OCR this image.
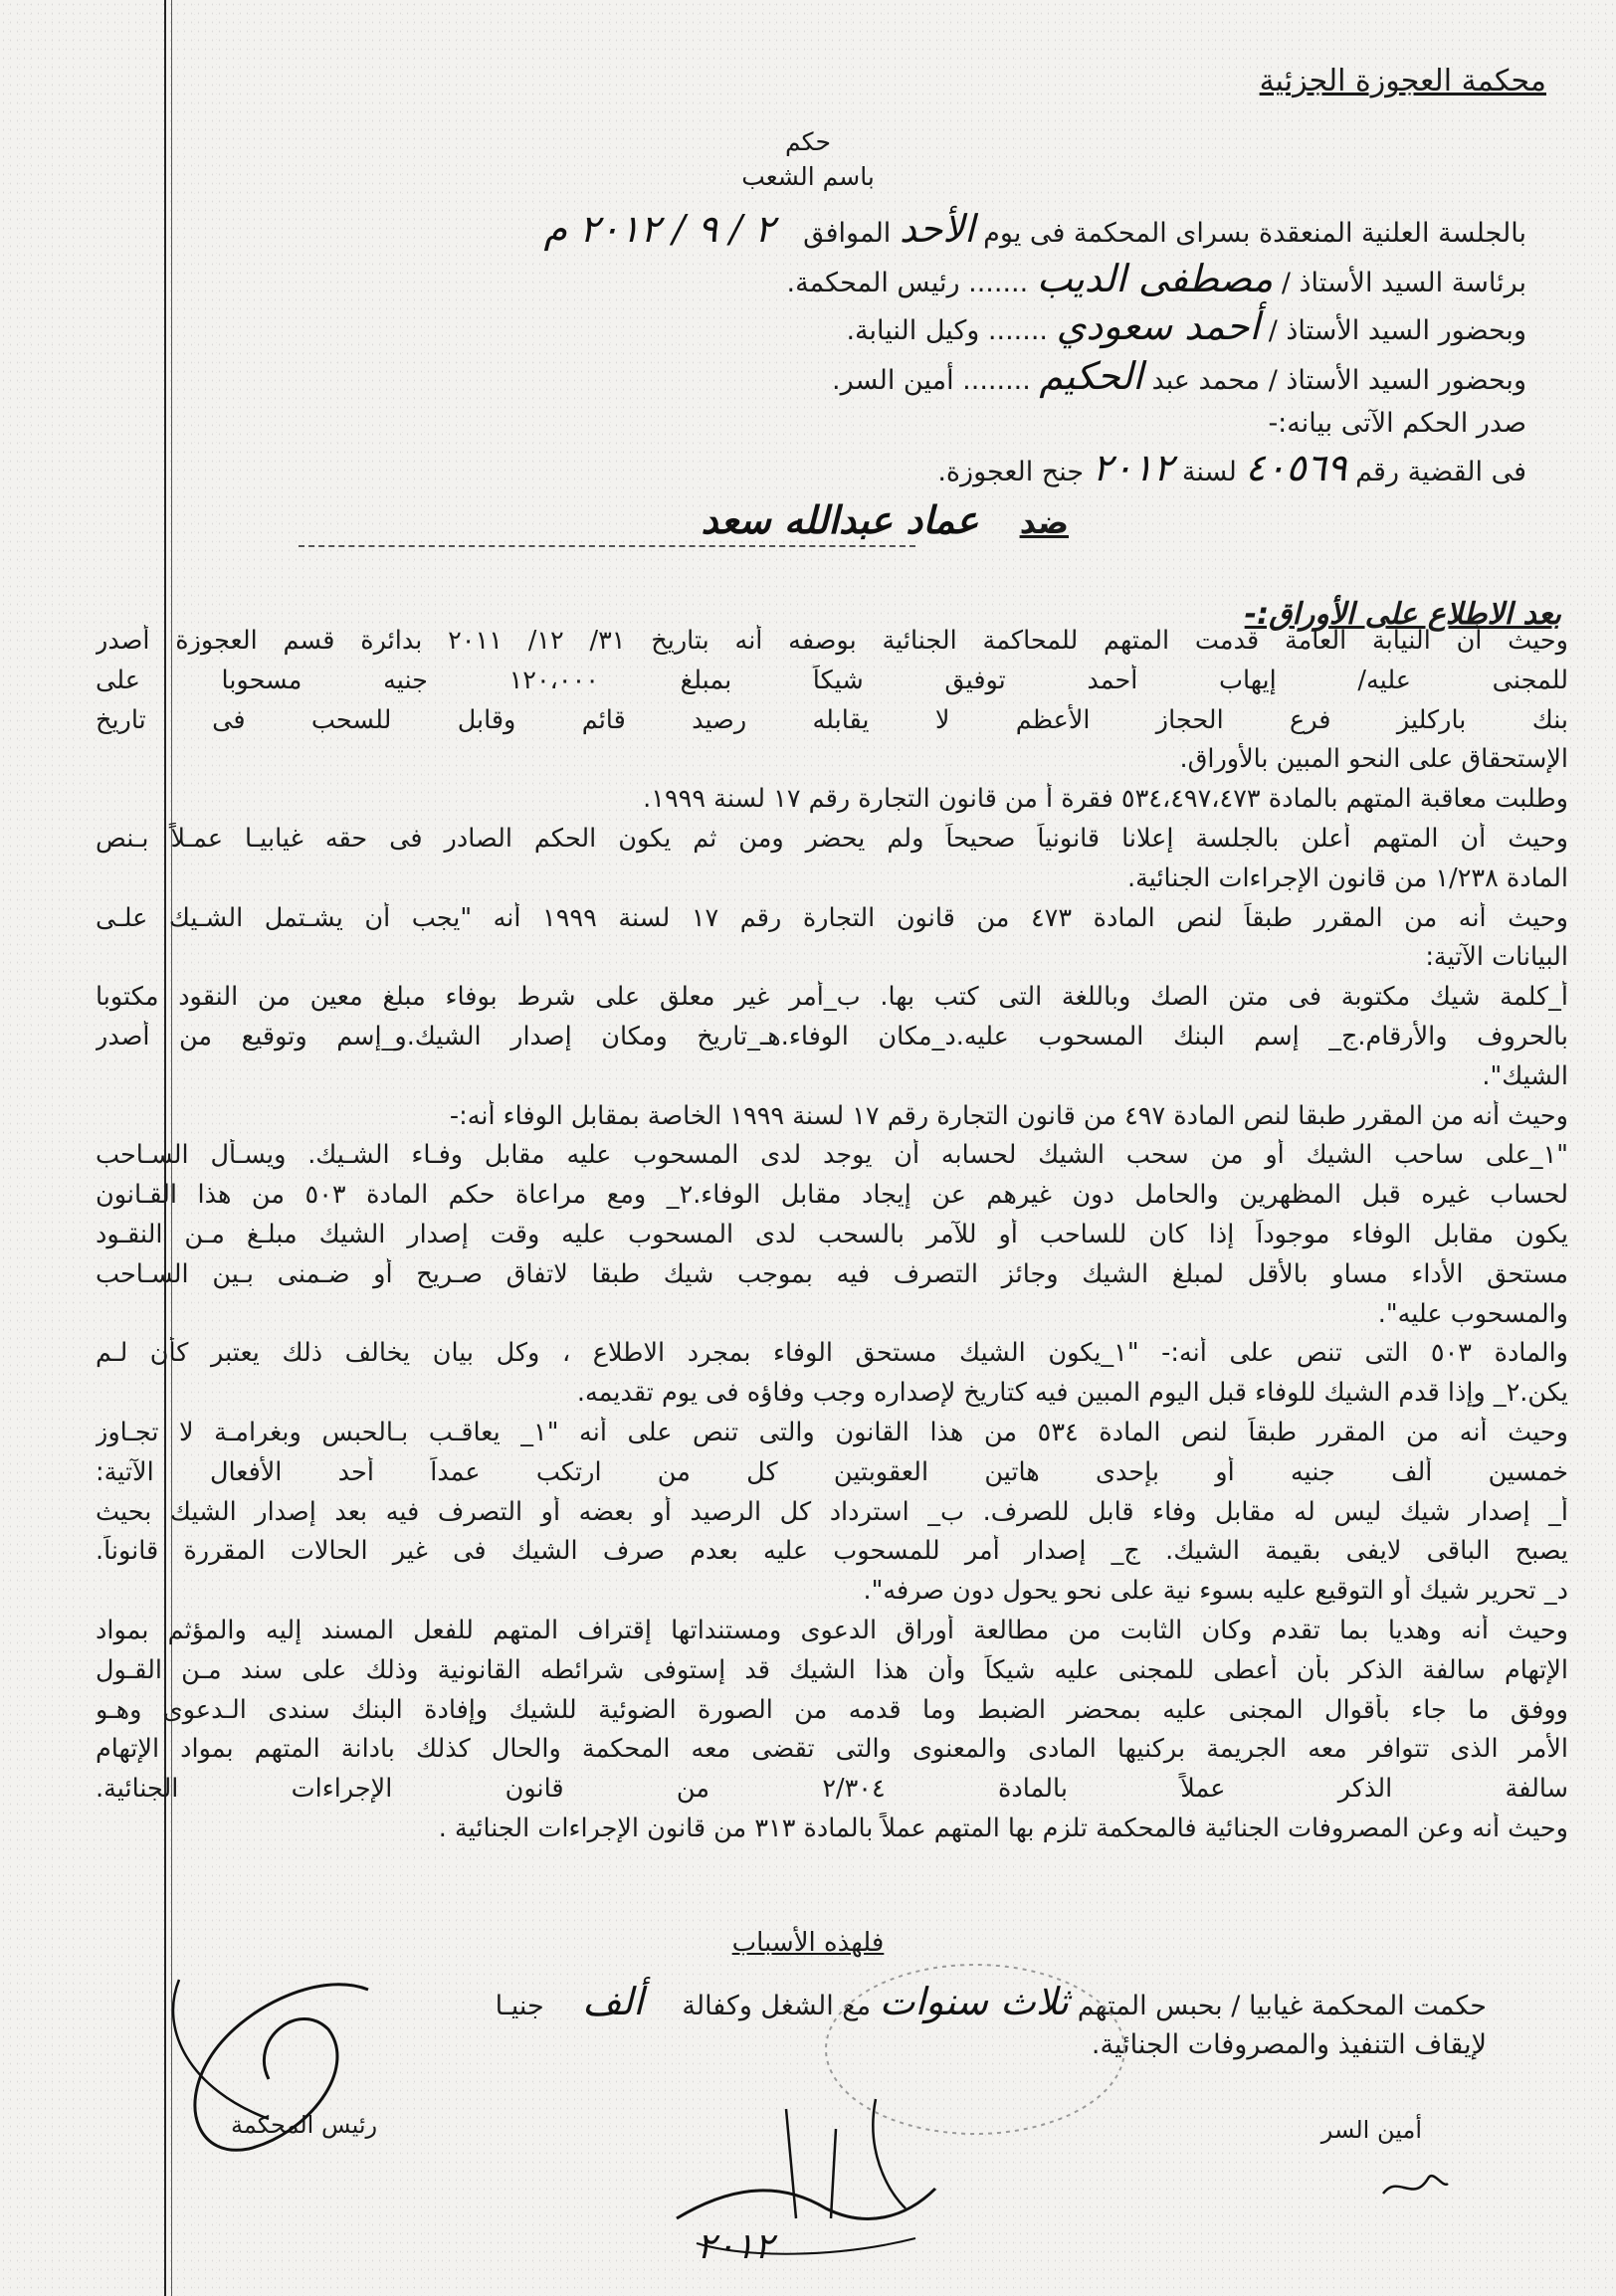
محكمة العجوزة الجزئية
حكم
باسم الشعب
بالجلسة العلنية المنعقدة بسراى المحكمة فى يوم الأحد الموافق ٢ / ٩ / ٢٠١٢ م
برئاسة السيد الأستاذ / مصطفى الديب ....... رئيس المحكمة.
وبحضور السيد الأستاذ / أحمد سعودي ....... وكيل النيابة.
وبحضور السيد الأستاذ / محمد عبد الحكيم ........ أمين السر.
صدر الحكم الآتى بيانه:-
فى القضية رقم ٤٠٥٦٩ لسنة ٢٠١٢ جنح العجوزة.
ضد عماد عبدالله سعد
بعد الاطلاع على الأوراق:-
وحيث أن النيابة العامة قدمت المتهم للمحاكمة الجنائية بوصفه أنه بتاريخ ٣١/ ١٢/ ٢٠١١ بدائرة قسم العجوزة أصدر
للمجنى عليه/ إيهاب أحمد توفيق شيكاً بمبلغ ١٢٠،٠٠٠ جنيه مسحوبا على
بنك باركليز فرع الحجاز الأعظم لا يقابله رصيد قائم وقابل للسحب فى تاريخ
الإستحقاق على النحو المبين بالأوراق.
وطلبت معاقبة المتهم بالمادة ٥٣٤،٤٩٧،٤٧٣ فقرة أ من قانون التجارة رقم ١٧ لسنة ١٩٩٩.
وحيث أن المتهم أعلن بالجلسة إعلانا قانونياً صحيحاً ولم يحضر ومن ثم يكون الحكم الصادر فى حقه غيابيـا عمـلاً بـنص
المادة ١/٢٣٨ من قانون الإجراءات الجنائية.
وحيث أنه من المقرر طبقاً لنص المادة ٤٧٣ من قانون التجارة رقم ١٧ لسنة ١٩٩٩ أنه "يجب أن يشـتمل الشـيك علـى
البيانات الآتية:
أ_كلمة شيك مكتوبة فى متن الصك وباللغة التى كتب بها. ب_أمر غير معلق على شرط بوفاء مبلغ معين من النقود مكتوبا
بالحروف والأرقام.ج_ إسم البنك المسحوب عليه.د_مكان الوفاء.هـ_تاريخ ومكان إصدار الشيك.و_إسم وتوقيع من أصدر
الشيك".
وحيث أنه من المقرر طبقا لنص المادة ٤٩٧ من قانون التجارة رقم ١٧ لسنة ١٩٩٩ الخاصة بمقابل الوفاء أنه:-
"١_على ساحب الشيك أو من سحب الشيك لحسابه أن يوجد لدى المسحوب عليه مقابل وفـاء الشـيك. ويسـأل السـاحب
لحساب غيره قبل المظهرين والحامل دون غيرهم عن إيجاد مقابل الوفاء.٢_ ومع مراعاة حكم المادة ٥٠٣ من هذا القـانون
يكون مقابل الوفاء موجوداً إذا كان للساحب أو للآمر بالسحب لدى المسحوب عليه وقت إصدار الشيك مبلـغ مـن النقـود
مستحق الأداء مساو بالأقل لمبلغ الشيك وجائز التصرف فيه بموجب شيك طبقا لاتفاق صـريح أو ضـمنى بـين السـاحب
والمسحوب عليه".
والمادة ٥٠٣ التى تنص على أنه:- "١_يكون الشيك مستحق الوفاء بمجرد الاطلاع ، وكل بيان يخالف ذلك يعتبر كأن لـم
يكن.٢_ وإذا قدم الشيك للوفاء قبل اليوم المبين فيه كتاريخ لإصداره وجب وفاؤه فى يوم تقديمه.
وحيث أنه من المقرر طبقاً لنص المادة ٥٣٤ من هذا القانون والتى تنص على أنه "١_ يعاقـب بـالحبس وبغرامـة لا تجـاوز
خمسين ألف جنيه أو بإحدى هاتين العقوبتين كل من ارتكب عمداً أحد الأفعال الآتية:
أ_ إصدار شيك ليس له مقابل وفاء قابل للصرف. ب_ استرداد كل الرصيد أو بعضه أو التصرف فيه بعد إصدار الشيك بحيث
يصبح الباقى لايفى بقيمة الشيك. ج_ إصدار أمر للمسحوب عليه بعدم صرف الشيك فى غير الحالات المقررة قانوناً.
د_ تحرير شيك أو التوقيع عليه بسوء نية على نحو يحول دون صرفه".
وحيث أنه وهديا بما تقدم وكان الثابت من مطالعة أوراق الدعوى ومستنداتها إقتراف المتهم للفعل المسند إليه والمؤثم بمواد
الإتهام سالفة الذكر بأن أعطى للمجنى عليه شيكاً وأن هذا الشيك قد إستوفى شرائطه القانونية وذلك على سند مـن القـول
ووفق ما جاء بأقوال المجنى عليه بمحضر الضبط وما قدمه من الصورة الضوئية للشيك وإفادة البنك سندى الـدعوى وهـو
الأمر الذى تتوافر معه الجريمة بركنيها المادى والمعنوى والتى تقضى معه المحكمة والحال كذلك بادانة المتهم بمواد الإتهام
سالفة الذكر عملاً بالمادة ٢/٣٠٤ من قانون الإجراءات الجنائية.
وحيث أنه وعن المصروفات الجنائية فالمحكمة تلزم بها المتهم عملاً بالمادة ٣١٣ من قانون الإجراءات الجنائية .
فلهذه الأسباب
حكمت المحكمة غيابيا / بحبس المتهم ثلاث سنوات مع الشغل وكفالة ألف جنيـا
لإيقاف التنفيذ والمصروفات الجنائية.
أمين السر
رئيس المحكمة
٢٠١٢
